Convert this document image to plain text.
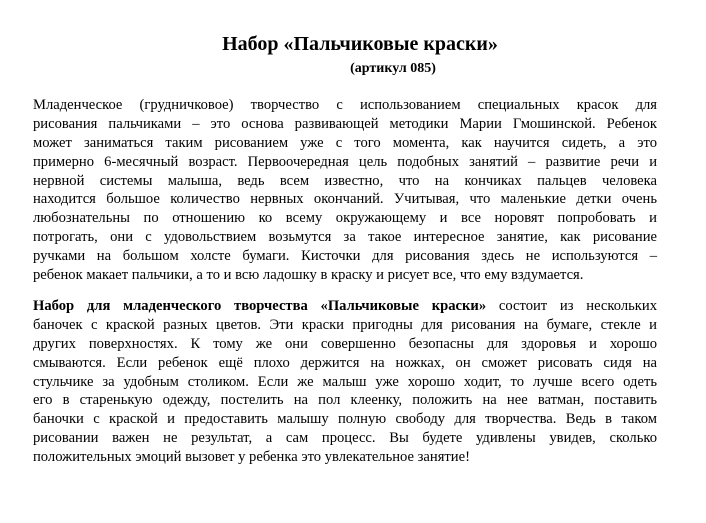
Набор «Пальчиковые краски»
(артикул 085)
Младенческое (грудничковое) творчество с использованием специальных красок для
рисования пальчиками – это основа развивающей методики Марии Гмошинской. Ребенок
может заниматься таким рисованием уже с того момента, как научится сидеть, а это
примерно 6-месячный возраст. Первоочередная цель подобных занятий – развитие речи и
нервной системы малыша, ведь всем известно, что на кончиках пальцев человека
находится большое количество нервных окончаний. Учитывая, что маленькие детки очень
любознательны по отношению ко всему окружающему и все норовят попробовать и
потрогать, они с удовольствием возьмутся за такое интересное занятие, как рисование
ручками на большом холсте бумаги. Кисточки для рисования здесь не используются –
ребенок макает пальчики, а то и всю ладошку в краску и рисует все, что ему вздумается.
Набор для младенческого творчества «Пальчиковые краски» состоит из нескольких
баночек с краской разных цветов. Эти краски пригодны для рисования на бумаге, стекле и
других поверхностях. К тому же они совершенно безопасны для здоровья и хорошо
смываются. Если ребенок ещё плохо держится на ножках, он сможет рисовать сидя на
стульчике за удобным столиком. Если же малыш уже хорошо ходит, то лучше всего одеть
его в старенькую одежду, постелить на пол клеенку, положить на нее ватман, поставить
баночки с краской и предоставить малышу полную свободу для творчества. Ведь в таком
рисовании важен не результат, а сам процесс. Вы будете удивлены увидев, сколько
положительных эмоций вызовет у ребенка это увлекательное занятие!
